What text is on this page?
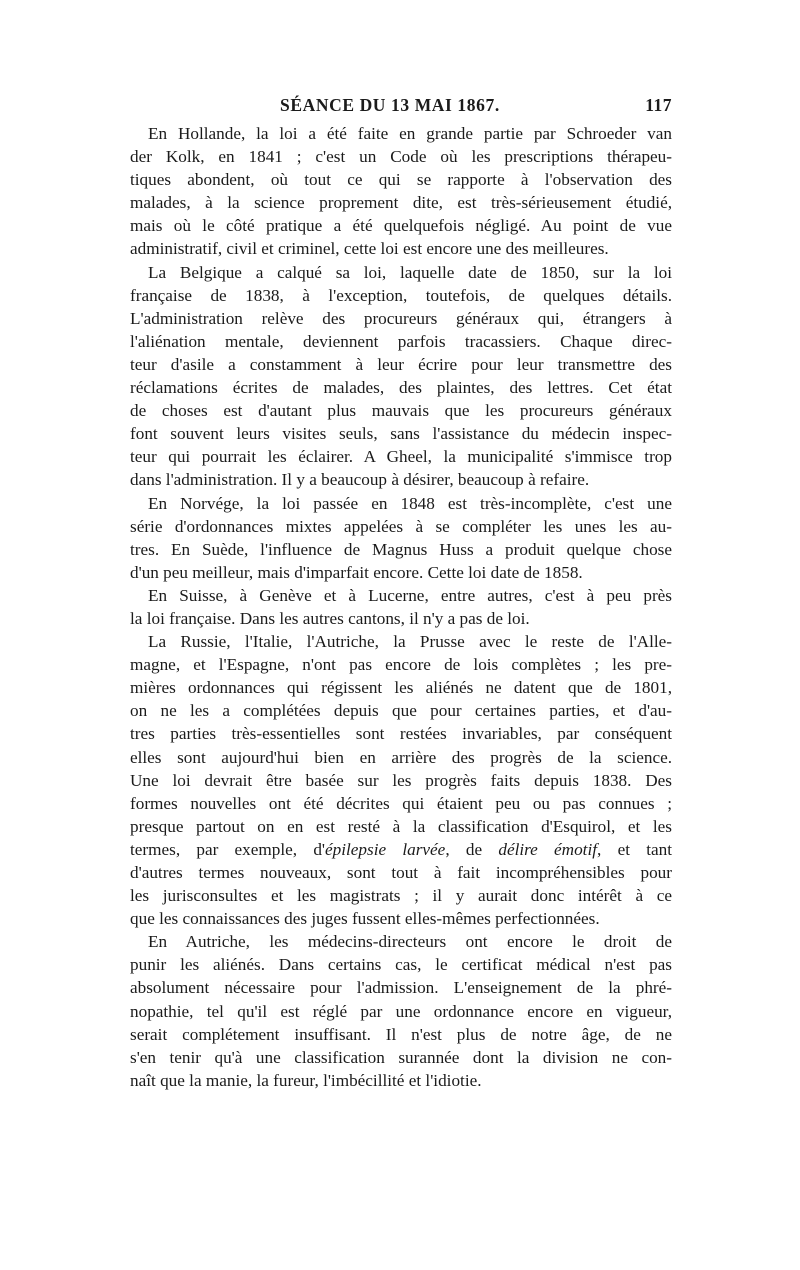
SÉANCE DU 13 MAI 1867.	117
En Hollande, la loi a été faite en grande partie par Schroeder van
der Kolk, en 1841 ; c'est un Code où les prescriptions thérapeu-
tiques abondent, où tout ce qui se rapporte à l'observation des
malades, à la science proprement dite, est très-sérieusement étudié,
mais où le côté pratique a été quelquefois négligé. Au point de vue
administratif, civil et criminel, cette loi est encore une des meilleures.
La Belgique a calqué sa loi, laquelle date de 1850, sur la loi
française de 1838, à l'exception, toutefois, de quelques détails.
L'administration relève des procureurs généraux qui, étrangers à
l'aliénation mentale, deviennent parfois tracassiers. Chaque direc-
teur d'asile a constamment à leur écrire pour leur transmettre des
réclamations écrites de malades, des plaintes, des lettres. Cet état
de choses est d'autant plus mauvais que les procureurs généraux
font souvent leurs visites seuls, sans l'assistance du médecin inspec-
teur qui pourrait les éclairer. A Gheel, la municipalité s'immisce trop
dans l'administration. Il y a beaucoup à désirer, beaucoup à refaire.
En Norvége, la loi passée en 1848 est très-incomplète, c'est une
série d'ordonnances mixtes appelées à se compléter les unes les au-
tres. En Suède, l'influence de Magnus Huss a produit quelque chose
d'un peu meilleur, mais d'imparfait encore. Cette loi date de 1858.
En Suisse, à Genève et à Lucerne, entre autres, c'est à peu près
la loi française. Dans les autres cantons, il n'y a pas de loi.
La Russie, l'Italie, l'Autriche, la Prusse avec le reste de l'Alle-
magne, et l'Espagne, n'ont pas encore de lois complètes ; les pre-
mières ordonnances qui régissent les aliénés ne datent que de 1801,
on ne les a complétées depuis que pour certaines parties, et d'au-
tres parties très-essentielles sont restées invariables, par conséquent
elles sont aujourd'hui bien en arrière des progrès de la science.
Une loi devrait être basée sur les progrès faits depuis 1838. Des
formes nouvelles ont été décrites qui étaient peu ou pas connues ;
presque partout on en est resté à la classification d'Esquirol, et les
termes, par exemple, d'épilepsie larvée, de délire émotif, et tant
d'autres termes nouveaux, sont tout à fait incompréhensibles pour
les jurisconsultes et les magistrats ; il y aurait donc intérêt à ce
que les connaissances des juges fussent elles-mêmes perfectionnées.
En Autriche, les médecins-directeurs ont encore le droit de
punir les aliénés. Dans certains cas, le certificat médical n'est pas
absolument nécessaire pour l'admission. L'enseignement de la phré-
nopathie, tel qu'il est réglé par une ordonnance encore en vigueur,
serait complétement insuffisant. Il n'est plus de notre âge, de ne
s'en tenir qu'à une classification surannée dont la division ne con-
naît que la manie, la fureur, l'imbécillité et l'idiotie.
